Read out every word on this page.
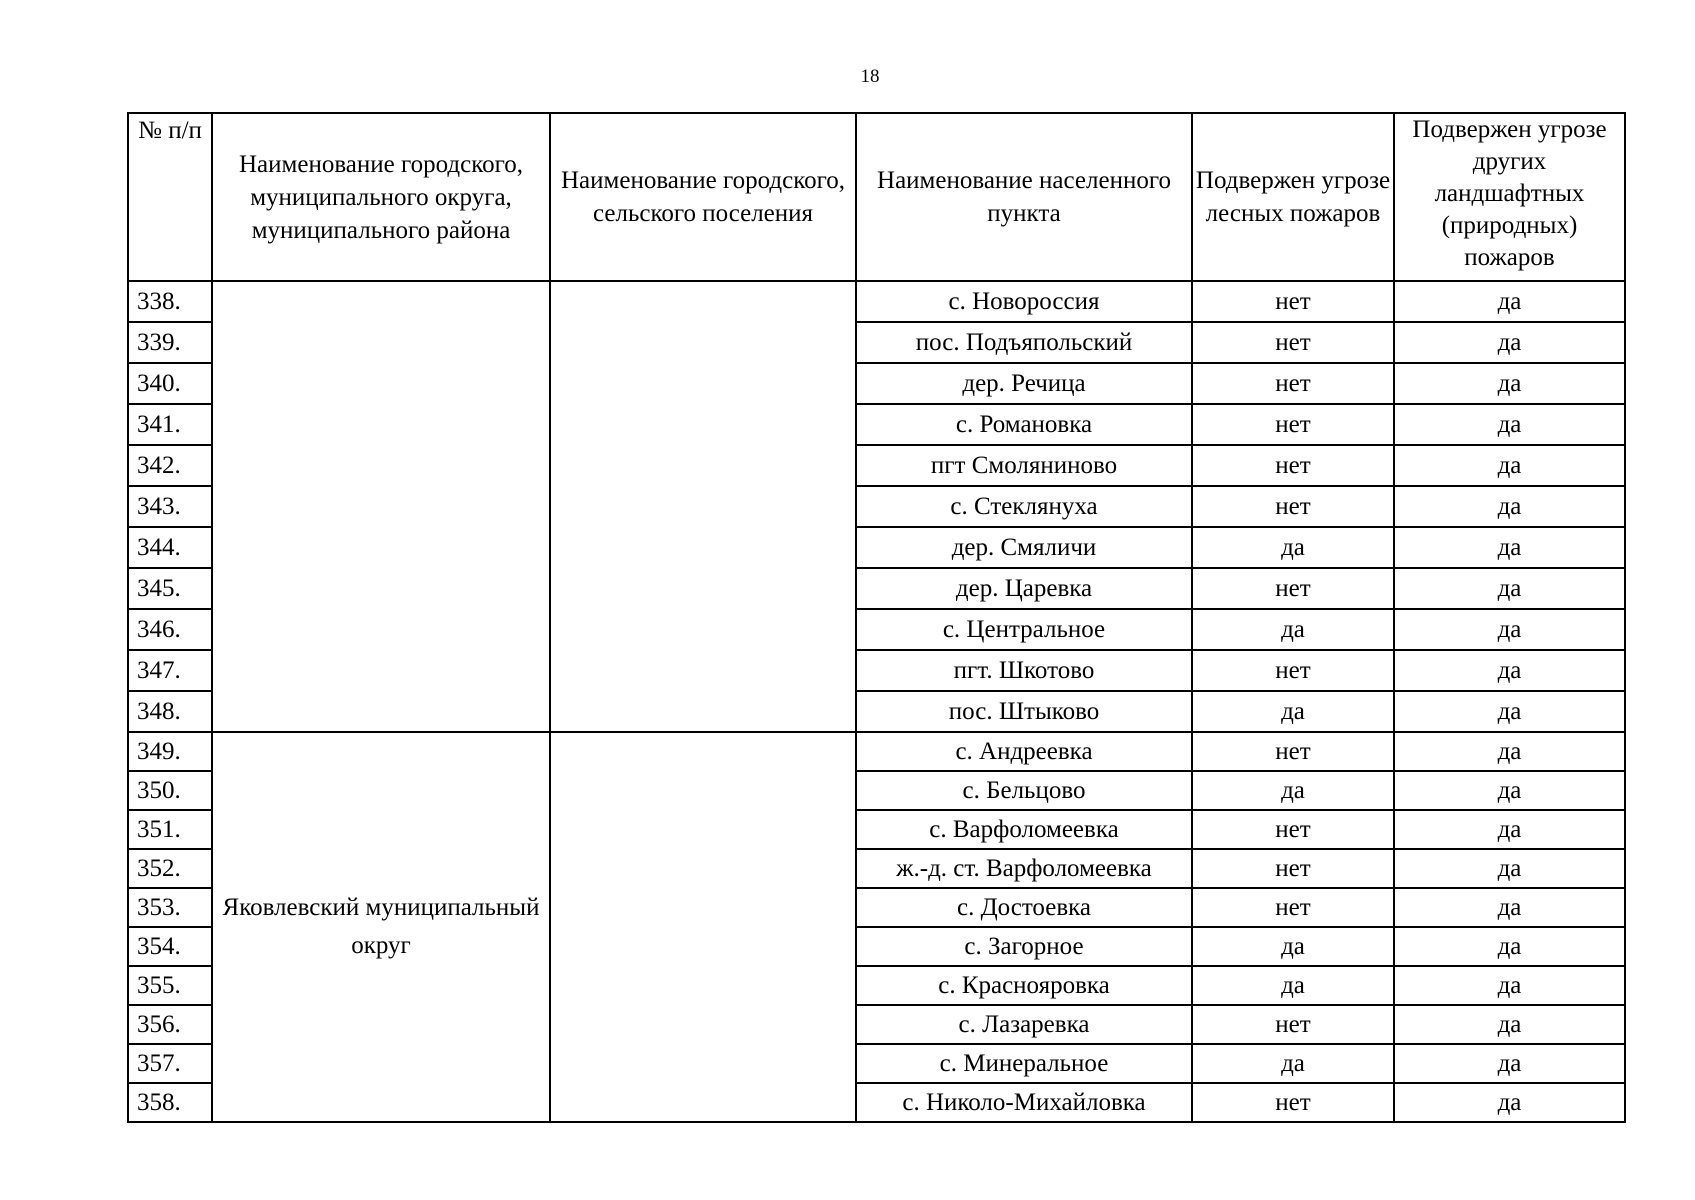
18
№ п/п	Наименование городского, муниципального округа, муниципального района	Наименование городского, сельского поселения	Наименование населенного пункта	Подвержен угрозе лесных пожаров	Подвержен угрозе других ландшафтных (природных) пожаров
338.			с. Новороссия	нет	да
339.			пос. Подъяпольский	нет	да
340.			дер. Речица	нет	да
341.			с. Романовка	нет	да
342.			пгт Смоляниново	нет	да
343.			с. Стеклянуха	нет	да
344.			дер. Смяличи	да	да
345.			дер. Царевка	нет	да
346.			с. Центральное	да	да
347.			пгт. Шкотово	нет	да
348.			пос. Штыково	да	да
349.	Яковлевский муниципальный округ		с. Андреевка	нет	да
350.			с. Бельцово	да	да
351.			с. Варфоломеевка	нет	да
352.			ж.-д. ст. Варфоломеевка	нет	да
353.			с. Достоевка	нет	да
354.			с. Загорное	да	да
355.			с. Краснояровка	да	да
356.			с. Лазаревка	нет	да
357.			с. Минеральное	да	да
358.			с. Николо-Михайловка	нет	да
